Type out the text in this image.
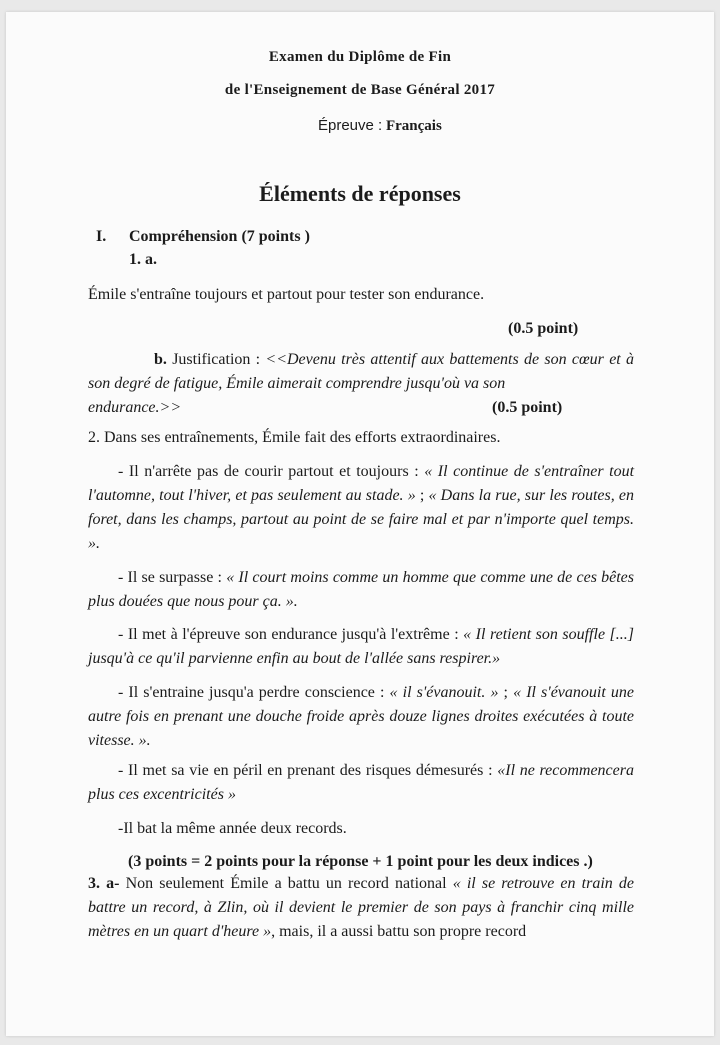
Examen du Diplôme de Fin
de l'Enseignement de Base Général 2017
Épreuve : Français
Éléments de réponses
I. Compréhension (7 points )
1. a.
Émile s'entraîne toujours et partout pour tester son endurance.
(0.5 point)
b. Justification : <<Devenu très attentif aux battements de son cœur et à son degré de fatigue, Émile aimerait comprendre jusqu'où va son
endurance.>>	(0.5 point)
2. Dans ses entraînements, Émile fait des efforts extraordinaires.
- Il n'arrête pas de courir partout et toujours : « Il continue de s'entraîner tout l'automne, tout l'hiver, et pas seulement au stade. » ; « Dans la rue, sur les routes, en foret, dans les champs, partout au point de se faire mal et par n'importe quel temps. ».
- Il se surpasse : « Il court moins comme un homme que comme une de ces bêtes plus douées que nous pour ça. ».
- Il met à l'épreuve son endurance jusqu'à l'extrême : « Il retient son souffle [...] jusqu'à ce qu'il parvienne enfin au bout de l'allée sans respirer.»
- Il s'entraine jusqu'a perdre conscience : « il s'évanouit. » ; « Il s'évanouit une autre fois en prenant une douche froide après douze lignes droites exécutées à toute vitesse. ».
- Il met sa vie en péril en prenant des risques démesurés : «Il ne recommencera plus ces excentricités »
-Il bat la même année deux records.
(3 points = 2 points pour la réponse + 1 point pour les deux indices .)
3. a- Non seulement Émile a battu un record national « il se retrouve en train de battre un record, à Zlin, où il devient le premier de son pays à franchir cinq mille mètres en un quart d'heure », mais, il a aussi battu son propre record
